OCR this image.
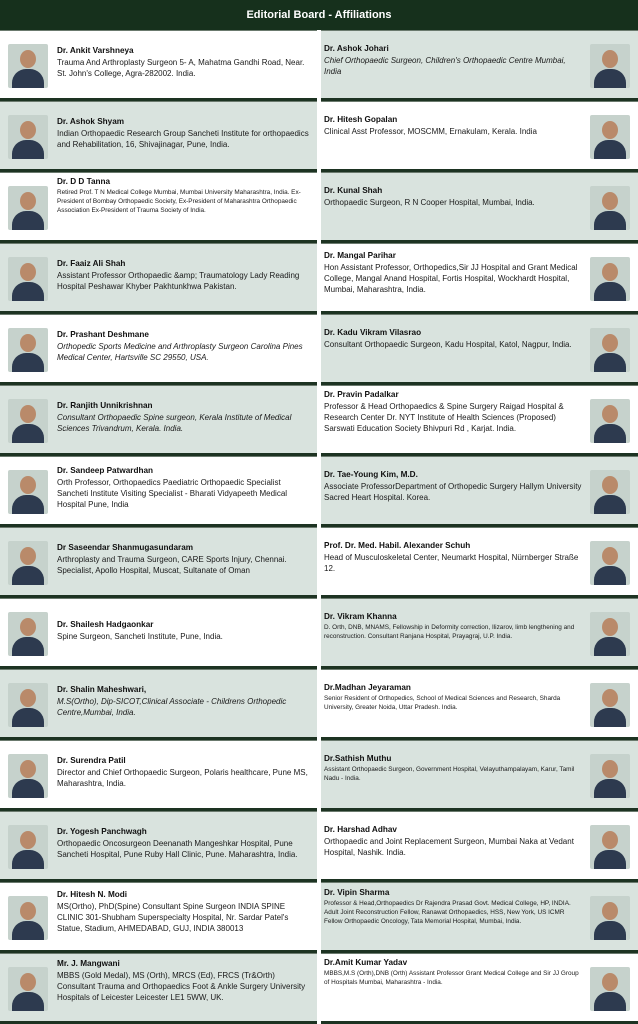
Editorial Board - Affiliations
Dr. Ankit Varshneya
Trauma And Arthroplasty Surgeon 5- A, Mahatma Gandhi Road, Near. St. John's College, Agra-282002. India.
Dr. Ashok Johari
Chief Orthopaedic Surgeon, Children's Orthopaedic Centre Mumbai, India
Dr. Ashok Shyam
Indian Orthopaedic Research Group Sancheti Institute for orthopaedics and Rehabilitation, 16, Shivajinagar, Pune, India.
Dr. Hitesh Gopalan
Clinical Asst Professor, MOSCMM, Ernakulam, Kerala. India
Dr. D D Tanna
Retired Prof. T N Medical College Mumbai, Mumbai University Maharashtra, India. Ex-President of Bombay Orthopaedic Society, Ex-President of Maharashtra Orthopaedic Association Ex-President of Trauma Society of India.
Dr. Kunal Shah
Orthopaedic Surgeon, R N Cooper Hospital, Mumbai, India.
Dr. Faaiz Ali Shah
Assistant Professor Orthopaedic &amp; Traumatology Lady Reading Hospital Peshawar Khyber Pakhtunkhwa Pakistan.
Dr. Mangal Parihar
Hon Assistant Professor, Orthopedics,Sir JJ Hospital and Grant Medical College, Mangal Anand Hospital, Fortis Hospital, Wockhardt Hospital, Mumbai, Maharashtra, India.
Dr. Prashant Deshmane
Orthopedic Sports Medicine and Arthroplasty Surgeon Carolina Pines Medical Center, Hartsville SC 29550, USA.
Dr. Kadu Vikram Vilasrao
Consultant Orthopaedic Surgeon, Kadu Hospital, Katol, Nagpur, India.
Dr. Ranjith Unnikrishnan
Consultant Orthopaedic Spine surgeon, Kerala Institute of Medical Sciences Trivandrum, Kerala. India.
Dr. Pravin Padalkar
Professor & Head Orthopaedics & Spine Surgery Raigad Hospital & Research Center Dr. NYT Institute of Health Sciences (Proposed) Sarswati Education Society Bhivpuri Rd , Karjat. India.
Dr. Sandeep Patwardhan
Orth Professor, Orthopaedics Paediatric Orthopaedic Specialist Sancheti Institute Visiting Specialist - Bharati Vidyapeeth Medical Hospital Pune, India
Dr. Tae-Young Kim, M.D.
Associate ProfessorDepartment of Orthopedic Surgery Hallym University Sacred Heart Hospital. Korea.
Dr Saseendar Shanmugasundaram
Arthroplasty and Trauma Surgeon, CARE Sports Injury, Chennai. Specialist, Apollo Hospital, Muscat, Sultanate of Oman
Prof. Dr. Med. Habil. Alexander Schuh
Head of Musculoskeletal Center, Neumarkt Hospital, Nürnberger Straße 12.
Dr. Shailesh Hadgaonkar
Spine Surgeon, Sancheti Institute, Pune, India.
Dr. Vikram Khanna
D. Orth, DNB, MNAMS, Fellowship in Deformity correction, Ilizarov, limb lengthening and reconstruction. Consultant Ranjana Hospital, Prayagraj, U.P. India.
Dr. Shalin Maheshwari,
M.S(Ortho), Dip-SICOT,Clinical Associate - Childrens Orthopedic Centre,Mumbai, India.
Dr.Madhan Jeyaraman
Senior Resident of Orthopedics, School of Medical Sciences and Research, Sharda University, Greater Noida, Uttar Pradesh. India.
Dr. Surendra Patil
Director and Chief Orthopaedic Surgeon, Polaris healthcare, Pune MS, Maharashtra, India.
Dr.Sathish Muthu
Assistant Orthopaedic Surgeon, Government Hospital, Velayuthampalayam, Karur, Tamil Nadu - India.
Dr. Yogesh Panchwagh
Orthopaedic Oncosurgeon Deenanath Mangeshkar Hospital, Pune Sancheti Hospital, Pune Ruby Hall Clinic, Pune. Maharashtra, India.
Dr. Harshad Adhav
Orthopaedic and Joint Replacement Surgeon, Mumbai Naka at Vedant Hospital, Nashik. India.
Dr. Hitesh N. Modi
MS(Ortho), PhD(Spine) Consultant Spine Surgeon INDIA SPINE CLINIC 301-Shubham Superspecialty Hospital, Nr. Sardar Patel's Statue, Stadium, AHMEDABAD, GUJ, INDIA 380013
Dr. Vipin Sharma
Professor & Head,Orthopaedics Dr Rajendra Prasad Govt. Medical College, HP, INDIA. Adult Joint Reconstruction Fellow, Ranawat Orthopaedics, HSS, New York, US ICMR Fellow Orthopaedic Oncology, Tata Memorial Hospital, Mumbai, India.
Mr. J. Mangwani
MBBS (Gold Medal), MS (Orth), MRCS (Ed), FRCS (Tr&Orth) Consultant Trauma and Orthopaedics Foot & Ankle Surgery University Hospitals of Leicester Leicester LE1 5WW, UK.
Dr.Amit Kumar Yadav
MBBS,M.S (Orth),DNB (Orth) Assistant Professor Grant Medical College and Sir JJ Group of Hospitals Mumbai, Maharashtra - India.
